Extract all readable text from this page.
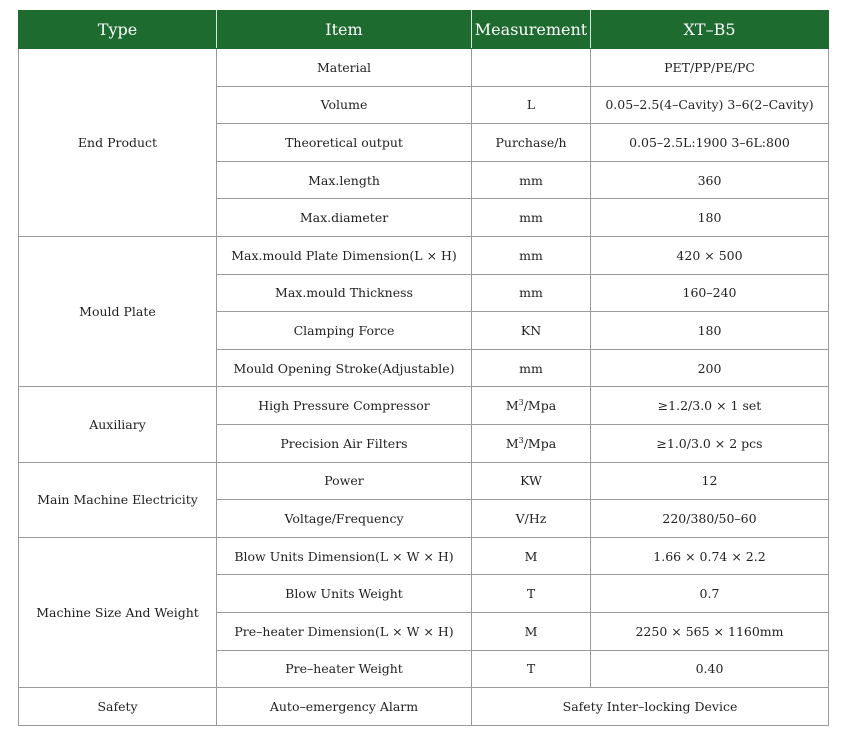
Type	Item	Measurement	XT–B5
End Product	Material		PET/PP/PE/PC
	Volume	L	0.05–2.5(4–Cavity) 3–6(2–Cavity)
	Theoretical output	Purchase/h	0.05–2.5L:1900 3–6L:800
	Max.length	mm	360
	Max.diameter	mm	180
Mould Plate	Max.mould Plate Dimension(L × H)	mm	420 × 500
	Max.mould Thickness	mm	160–240
	Clamping Force	KN	180
	Mould Opening Stroke(Adjustable)	mm	200
Auxiliary	High Pressure Compressor	$M^3$/Mpa	≥1.2/3.0 × 1 set
	Precision Air Filters	$M^3$/Mpa	≥1.0/3.0 × 2 pcs
Main Machine Electricity	Power	KW	12
	Voltage/Frequency	V/Hz	220/380/50–60
Machine Size And Weight	Blow Units Dimension(L × W × H)	M	1.66 × 0.74 × 2.2
	Blow Units Weight	T	0.7
	Pre–heater Dimension(L × W × H)	M	2250 × 565 × 1160mm
	Pre–heater Weight	T	0.40
Safety	Auto–emergency Alarm	Safety Inter–locking Device	
